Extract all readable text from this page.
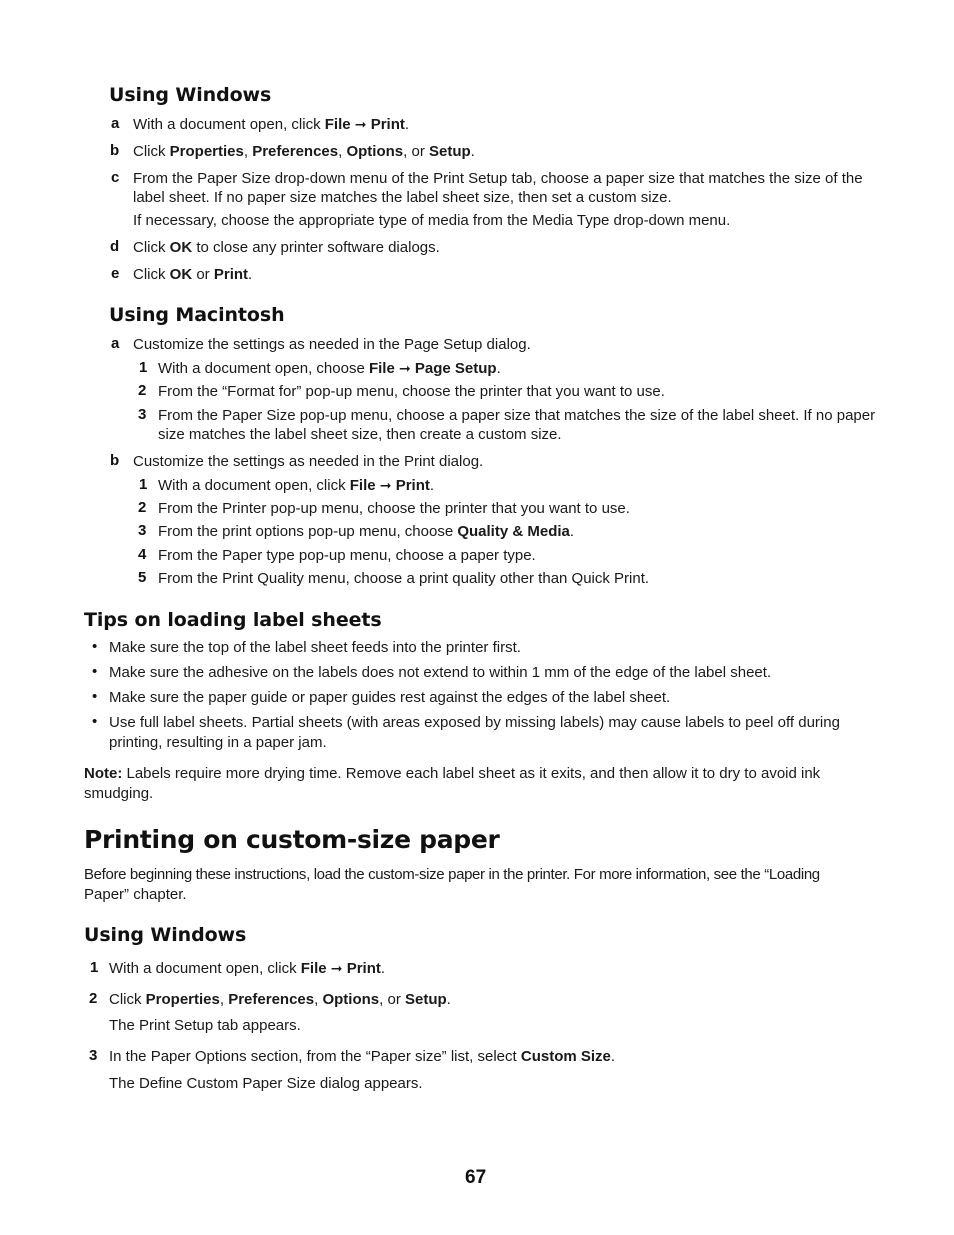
Using Windows
a With a document open, click File ➞ Print.
b Click Properties, Preferences, Options, or Setup.
c From the Paper Size drop-down menu of the Print Setup tab, choose a paper size that matches the size of the
label sheet. If no paper size matches the label sheet size, then set a custom size.
If necessary, choose the appropriate type of media from the Media Type drop-down menu.
d Click OK to close any printer software dialogs.
e Click OK or Print.
Using Macintosh
a Customize the settings as needed in the Page Setup dialog.
1 With a document open, choose File ➞ Page Setup.
2 From the “Format for” pop-up menu, choose the printer that you want to use.
3 From the Paper Size pop-up menu, choose a paper size that matches the size of the label sheet. If no paper
size matches the label sheet size, then create a custom size.
b Customize the settings as needed in the Print dialog.
1 With a document open, click File ➞ Print.
2 From the Printer pop-up menu, choose the printer that you want to use.
3 From the print options pop-up menu, choose Quality & Media.
4 From the Paper type pop-up menu, choose a paper type.
5 From the Print Quality menu, choose a print quality other than Quick Print.
Tips on loading label sheets
• Make sure the top of the label sheet feeds into the printer first.
• Make sure the adhesive on the labels does not extend to within 1 mm of the edge of the label sheet.
• Make sure the paper guide or paper guides rest against the edges of the label sheet.
• Use full label sheets. Partial sheets (with areas exposed by missing labels) may cause labels to peel off during
printing, resulting in a paper jam.
Note: Labels require more drying time. Remove each label sheet as it exits, and then allow it to dry to avoid ink
smudging.
Printing on custom-size paper
Before beginning these instructions, load the custom-size paper in the printer. For more information, see the “Loading
Paper” chapter.
Using Windows
1 With a document open, click File ➞ Print.
2 Click Properties, Preferences, Options, or Setup.
The Print Setup tab appears.
3 In the Paper Options section, from the “Paper size” list, select Custom Size.
The Define Custom Paper Size dialog appears.
67
